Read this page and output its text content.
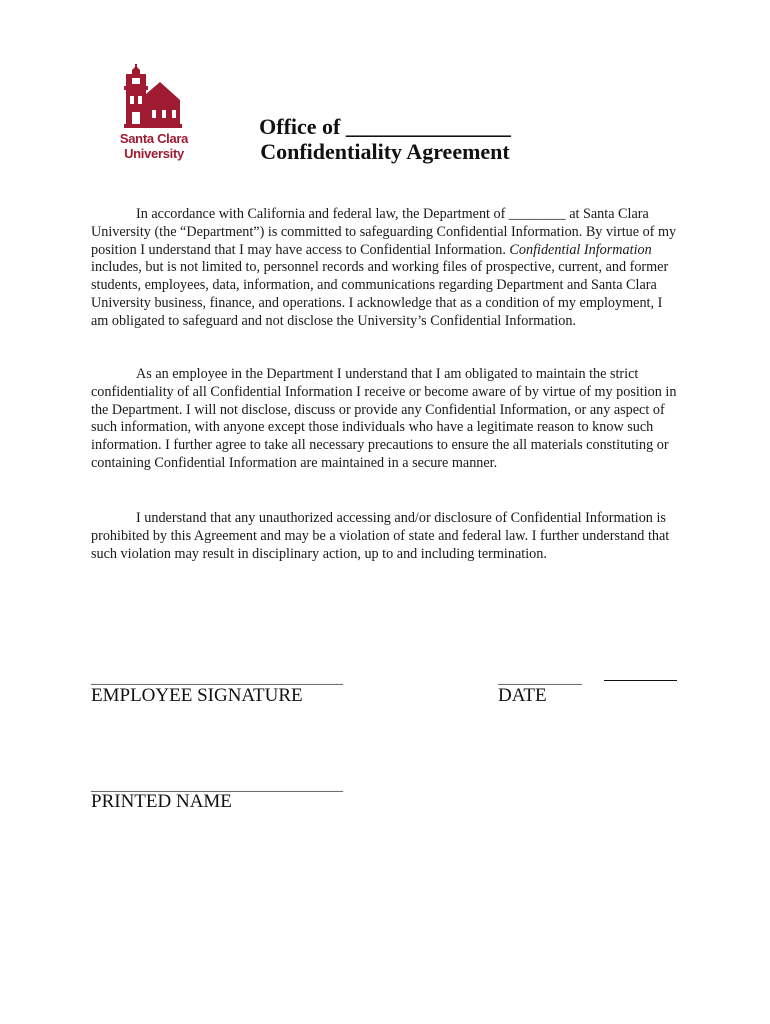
Santa Clara
University
Office of _______________
Confidentiality Agreement

In accordance with California and federal law, the Department of ________ at Santa Clara University (the “Department”) is committed to safeguarding Confidential Information. By virtue of my position I understand that I may have access to Confidential Information. Confidential Information includes, but is not limited to, personnel records and working files of prospective, current, and former students, employees, data, information, and communications regarding Department and Santa Clara University business, finance, and operations. I acknowledge that as a condition of my employment, I am obligated to safeguard and not disclose the University’s Confidential Information.

As an employee in the Department I understand that I am obligated to maintain the strict confidentiality of all Confidential Information I receive or become aware of by virtue of my position in the Department. I will not disclose, discuss or provide any Confidential Information, or any aspect of such information, with anyone except those individuals who have a legitimate reason to know such information. I further agree to take all necessary precautions to ensure the all materials constituting or containing Confidential Information are maintained in a secure manner.

I understand that any unauthorized accessing and/or disclosure of Confidential Information is prohibited by this Agreement and may be a violation of state and federal law. I further understand that such violation may result in disciplinary action, up to and including termination.

____________________________________
EMPLOYEE SIGNATURE
____________
DATE
____________________________________
PRINTED NAME
